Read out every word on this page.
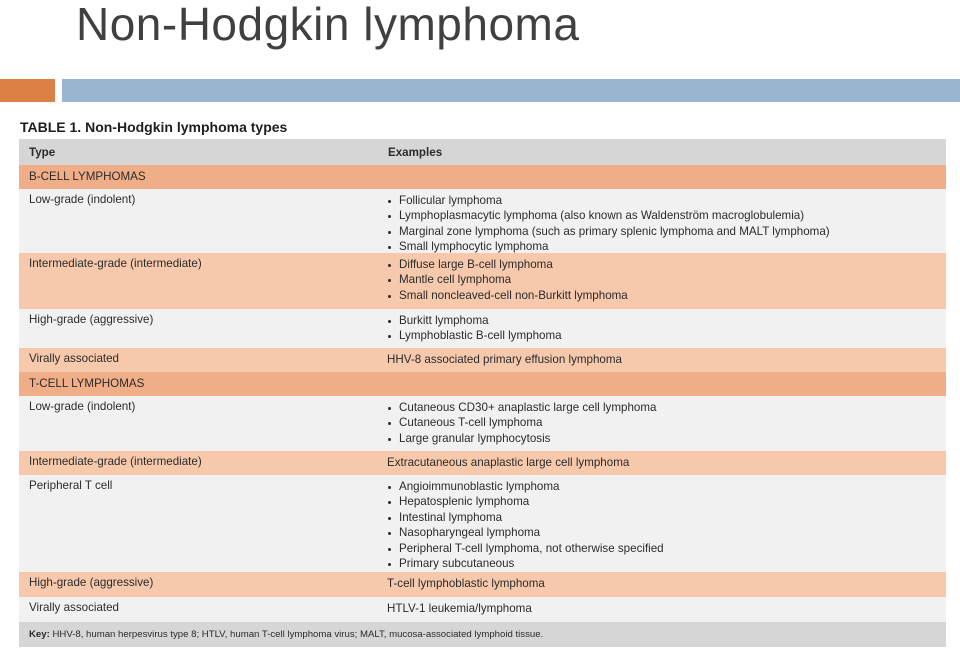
Non-Hodgkin lymphoma
TABLE 1. Non-Hodgkin lymphoma types
Type	Examples
B-CELL LYMPHOMAS
Low-grade (indolent)	Follicular lymphoma
Lymphoplasmacytic lymphoma (also known as Waldenström macroglobulemia)
Marginal zone lymphoma (such as primary splenic lymphoma and MALT lymphoma)
Small lymphocytic lymphoma
Intermediate-grade (intermediate)	Diffuse large B-cell lymphoma
Mantle cell lymphoma
Small noncleaved-cell non-Burkitt lymphoma
High-grade (aggressive)	Burkitt lymphoma
Lymphoblastic B-cell lymphoma
Virally associated	HHV-8 associated primary effusion lymphoma
T-CELL LYMPHOMAS
Low-grade (indolent)	Cutaneous CD30+ anaplastic large cell lymphoma
Cutaneous T-cell lymphoma
Large granular lymphocytosis
Intermediate-grade (intermediate)	Extracutaneous anaplastic large cell lymphoma
Peripheral T cell	Angioimmunoblastic lymphoma
Hepatosplenic lymphoma
Intestinal lymphoma
Nasopharyngeal lymphoma
Peripheral T-cell lymphoma, not otherwise specified
Primary subcutaneous
High-grade (aggressive)	T-cell lymphoblastic lymphoma
Virally associated	HTLV-1 leukemia/lymphoma
Key: HHV-8, human herpesvirus type 8; HTLV, human T-cell lymphoma virus; MALT, mucosa-associated lymphoid tissue.
